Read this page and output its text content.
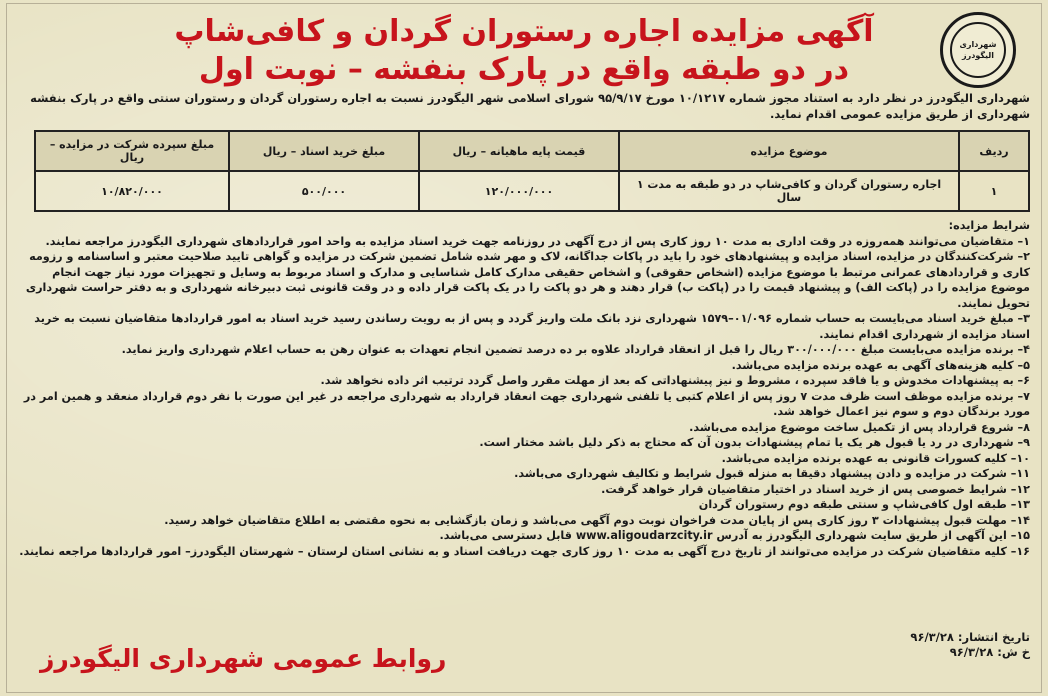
شهرداری
الیگودرز
آگهی مزایده اجاره رستوران گردان و کافی‌شاپ
در دو طبقه واقع در پارک بنفشه – نوبت اول
شهرداری الیگودرز در نظر دارد به استناد مجوز شماره ۱۰/۱۲۱۷ مورخ ۹۵/۹/۱۷ شورای اسلامی شهر الیگودرز نسبت به اجاره رستوران گردان و رستوران سنتی واقع در پارک بنفشه شهرداری از طریق مزایده عمومی اقدام نماید.
ردیف	موضوع مزایده	قیمت پایه ماهیانه – ریال	مبلغ خرید اسناد – ریال	مبلغ سپرده شرکت در مزایده – ریال
۱	اجاره رستوران گردان و کافی‌شاپ در دو طبقه به مدت ۱ سال	۱۲۰/۰۰۰/۰۰۰	۵۰۰/۰۰۰	۱۰/۸۲۰/۰۰۰
شرایط مزایده:

۱– متقاضیان می‌توانند همه‌روزه در وقت اداری به مدت ۱۰ روز کاری پس از درج آگهی در روزنامه جهت خرید اسناد مزایده به واحد امور قراردادهای شهرداری الیگودرز مراجعه نمایند.

۲– شرکت‌کنندگان در مزایده، اسناد مزایده و پیشنهادهای خود را باید در پاکات جداگانه، لاک و مهر شده شامل تضمین شرکت در مزایده و گواهی تایید صلاحیت معتبر و اساسنامه و رزومه کاری و قراردادهای عمرانی مرتبط با موضوع مزایده (اشخاص حقوقی) و اشخاص حقیقی مدارک کامل شناسایی و مدارک و اسناد مربوط به وسایل و تجهیزات مورد نیاز جهت انجام موضوع مزایده را در (پاکت الف) و پیشنهاد قیمت را در (پاکت ب) قرار دهند و هر دو پاکت را در یک پاکت قرار داده و در وقت قانونی ثبت دبیرخانه شهرداری و به دفتر حراست شهرداری تحویل نمایند.

۳– مبلغ خرید اسناد می‌بایست به حساب شماره ۰۱/۰۹۶–۱۵۷۹ شهرداری نزد بانک ملت واریز گردد و پس از به رویت رساندن رسید خرید اسناد به امور قراردادها متقاضیان نسبت به خرید اسناد مزایده از شهرداری اقدام نمایند.

۴– برنده مزایده می‌بایست مبلغ ۳۰۰/۰۰۰/۰۰۰ ریال را قبل از انعقاد قرارداد علاوه بر ده درصد تضمین انجام تعهدات به عنوان رهن به حساب اعلام شهرداری واریز نماید.

۵– کلیه هزینه‌های آگهی به عهده برنده مزایده می‌باشد.

۶– به پیشنهادات مخدوش و یا فاقد سپرده ، مشروط و نیز پیشنهاداتی که بعد از مهلت مقرر واصل گردد ترتیب اثر داده نخواهد شد.

۷– برنده مزایده موظف است ظرف مدت ۷ روز پس از اعلام کتبی یا تلفنی شهرداری جهت انعقاد قرارداد به شهرداری مراجعه در غیر این صورت با نفر دوم قرارداد منعقد و همین امر در مورد برندگان دوم و سوم نیز اعمال خواهد شد.

۸– شروع قرارداد پس از تکمیل ساخت موضوع مزایده می‌باشد.

۹– شهرداری در رد یا قبول هر یک یا تمام پیشنهادات بدون آن که محتاج به ذکر دلیل باشد مختار است.

۱۰– کلیه کسورات قانونی به عهده برنده مزایده می‌باشد.

۱۱– شرکت در مزایده و دادن پیشنهاد دقیقا به منزله قبول شرایط و تکالیف شهرداری می‌باشد.

۱۲– شرایط خصوصی پس از خرید اسناد در اختیار متقاضیان قرار خواهد گرفت.

۱۳– طبقه اول کافی‌شاپ و سنتی طبقه دوم رستوران گردان

۱۴– مهلت قبول پیشنهادات ۳ روز کاری پس از پایان مدت فراخوان نوبت دوم آگهی می‌باشد و زمان بازگشایی به نحوه مقتضی به اطلاع متقاضیان خواهد رسید.

۱۵– این آگهی از طریق سایت شهرداری الیگودرز به آدرس www.aligoudarzcity.ir قابل دسترسی می‌باشد.

۱۶– کلیه متقاضیان شرکت در مزایده می‌توانند از تاریخ درج آگهی به مدت ۱۰ روز کاری جهت دریافت اسناد و به نشانی استان لرستان – شهرستان الیگودرز– امور قراردادها مراجعه نمایند.

تاریخ انتشار: ۹۶/۳/۲۸
خ ش: ۹۶/۳/۲۸
روابط عمومی شهرداری الیگودرز
